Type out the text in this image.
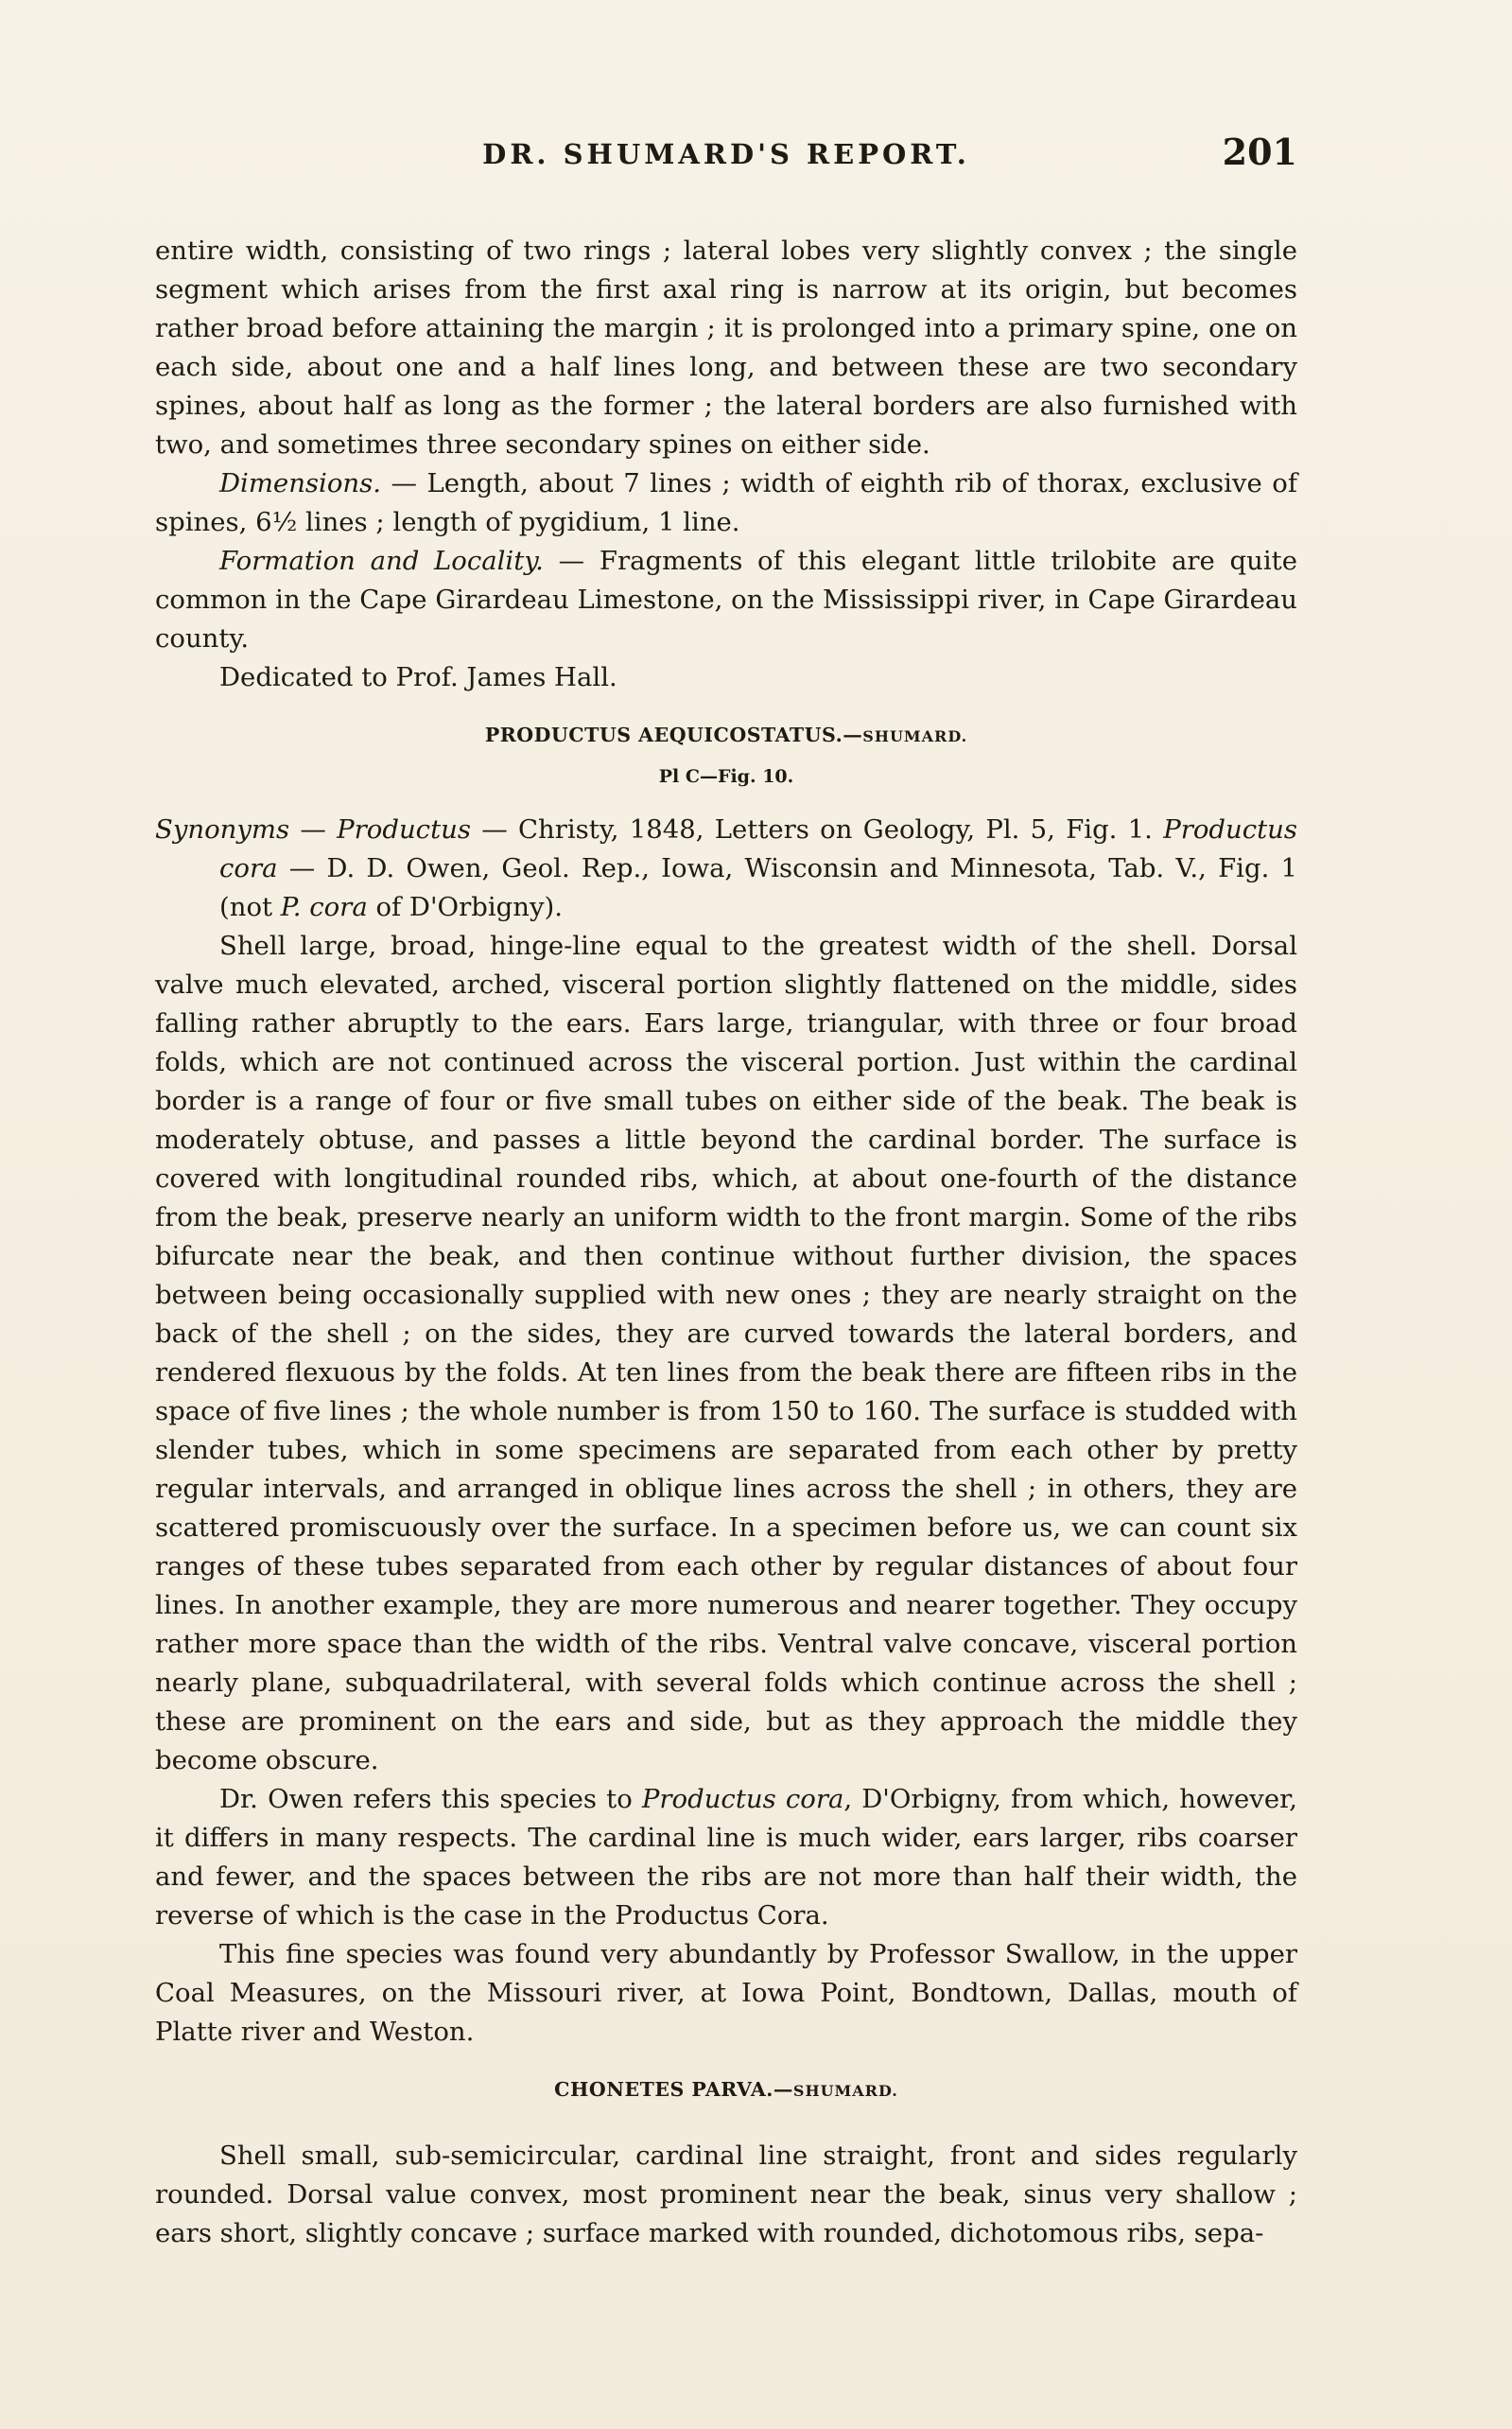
DR. SHUMARD'S REPORT.	201

entire width, consisting of two rings ; lateral lobes very slightly convex ; the single segment which arises from the first axal ring is narrow at its origin, but becomes rather broad before attaining the margin ; it is prolonged into a primary spine, one on each side, about one and a half lines long, and between these are two secondary spines, about half as long as the former ; the lateral borders are also furnished with two, and sometimes three secondary spines on either side.

Dimensions. — Length, about 7 lines ; width of eighth rib of thorax, exclusive of spines, 6½ lines ; length of pygidium, 1 line.

Formation and Locality. — Fragments of this elegant little trilobite are quite common in the Cape Girardeau Limestone, on the Mississippi river, in Cape Girardeau county.

Dedicated to Prof. James Hall.

PRODUCTUS AEQUICOSTATUS.—SHUMARD.
Pl C—Fig. 10.

Synonyms — Productus — Christy, 1848, Letters on Geology, Pl. 5, Fig. 1. Productus cora — D. D. Owen, Geol. Rep., Iowa, Wisconsin and Minnesota, Tab. V., Fig. 1 (not P. cora of D'Orbigny).

Shell large, broad, hinge-line equal to the greatest width of the shell. Dorsal valve much elevated, arched, visceral portion slightly flattened on the middle, sides falling rather abruptly to the ears. Ears large, triangular, with three or four broad folds, which are not continued across the visceral portion. Just within the cardinal border is a range of four or five small tubes on either side of the beak. The beak is moderately obtuse, and passes a little beyond the cardinal border. The surface is covered with longitudinal rounded ribs, which, at about one-fourth of the distance from the beak, preserve nearly an uniform width to the front margin. Some of the ribs bifurcate near the beak, and then continue without further division, the spaces between being occasionally supplied with new ones ; they are nearly straight on the back of the shell ; on the sides, they are curved towards the lateral borders, and rendered flexuous by the folds. At ten lines from the beak there are fifteen ribs in the space of five lines ; the whole number is from 150 to 160. The surface is studded with slender tubes, which in some specimens are separated from each other by pretty regular intervals, and arranged in oblique lines across the shell ; in others, they are scattered promiscuously over the surface. In a specimen before us, we can count six ranges of these tubes separated from each other by regular distances of about four lines. In another example, they are more numerous and nearer together. They occupy rather more space than the width of the ribs. Ventral valve concave, visceral portion nearly plane, subquadrilateral, with several folds which continue across the shell ; these are prominent on the ears and side, but as they approach the middle they become obscure.

Dr. Owen refers this species to Productus cora, D'Orbigny, from which, however, it differs in many respects. The cardinal line is much wider, ears larger, ribs coarser and fewer, and the spaces between the ribs are not more than half their width, the reverse of which is the case in the Productus Cora.

This fine species was found very abundantly by Professor Swallow, in the upper Coal Measures, on the Missouri river, at Iowa Point, Bondtown, Dallas, mouth of Platte river and Weston.

CHONETES PARVA.—SHUMARD.

Shell small, sub-semicircular, cardinal line straight, front and sides regularly rounded. Dorsal value convex, most prominent near the beak, sinus very shallow ; ears short, slightly concave ; surface marked with rounded, dichotomous ribs, sepa-
